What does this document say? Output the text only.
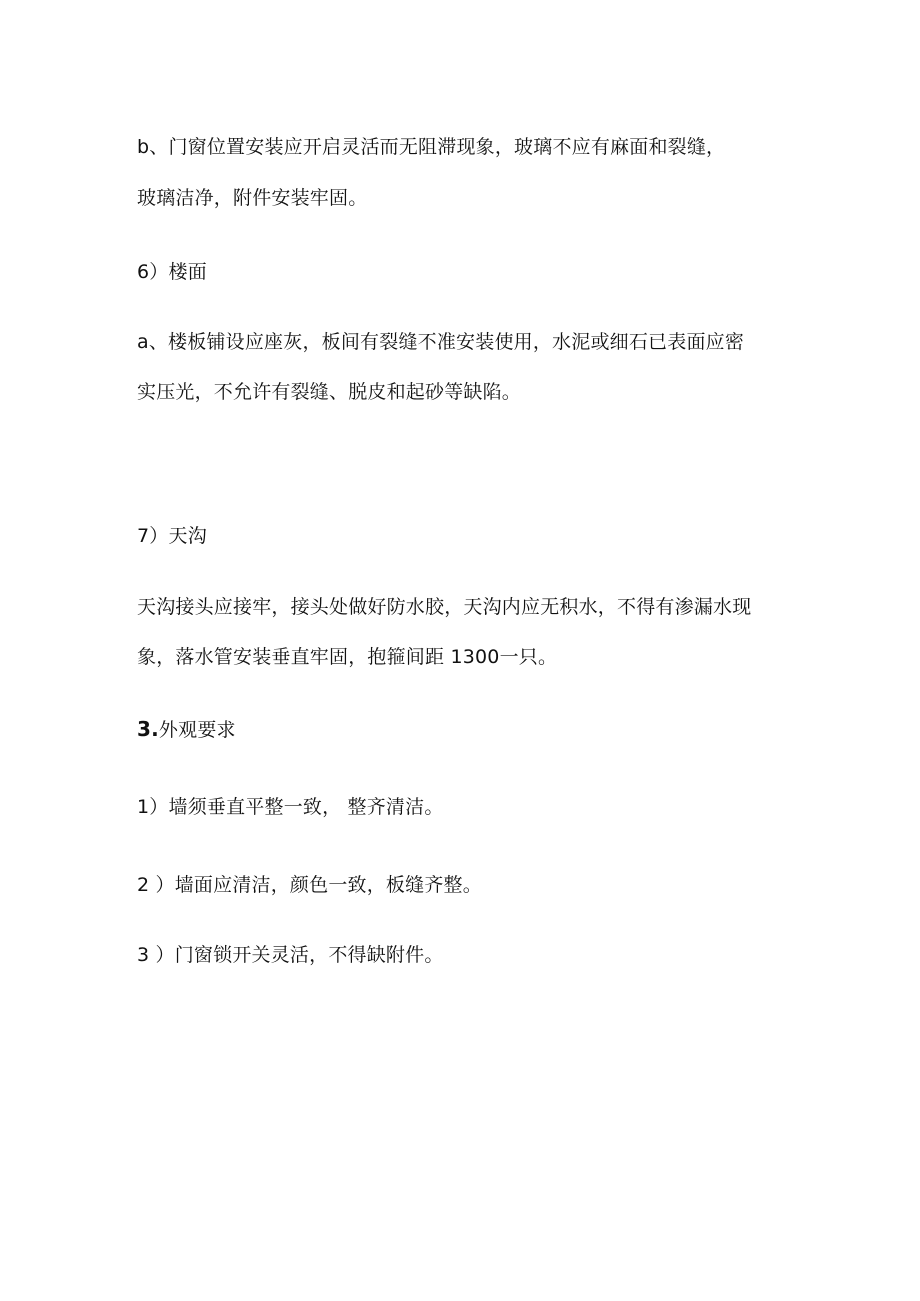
b、门窗位置安装应开启灵活而无阻滞现象，玻璃不应有麻面和裂缝，
玻璃洁净，附件安装牢固。
6）楼面
a、楼板铺设应座灰，板间有裂缝不准安装使用，水泥或细石已表面应密
实压光，不允许有裂缝、脱皮和起砂等缺陷。
7）天沟
天沟接头应接牢，接头处做好防水胶，天沟内应无积水，不得有渗漏水现
象，落水管安装垂直牢固，抱箍间距 1300一只。
3.外观要求
1）墙须垂直平整一致， 整齐清洁。
2 ）墙面应清洁，颜色一致，板缝齐整。
3 ）门窗锁开关灵活，不得缺附件。
